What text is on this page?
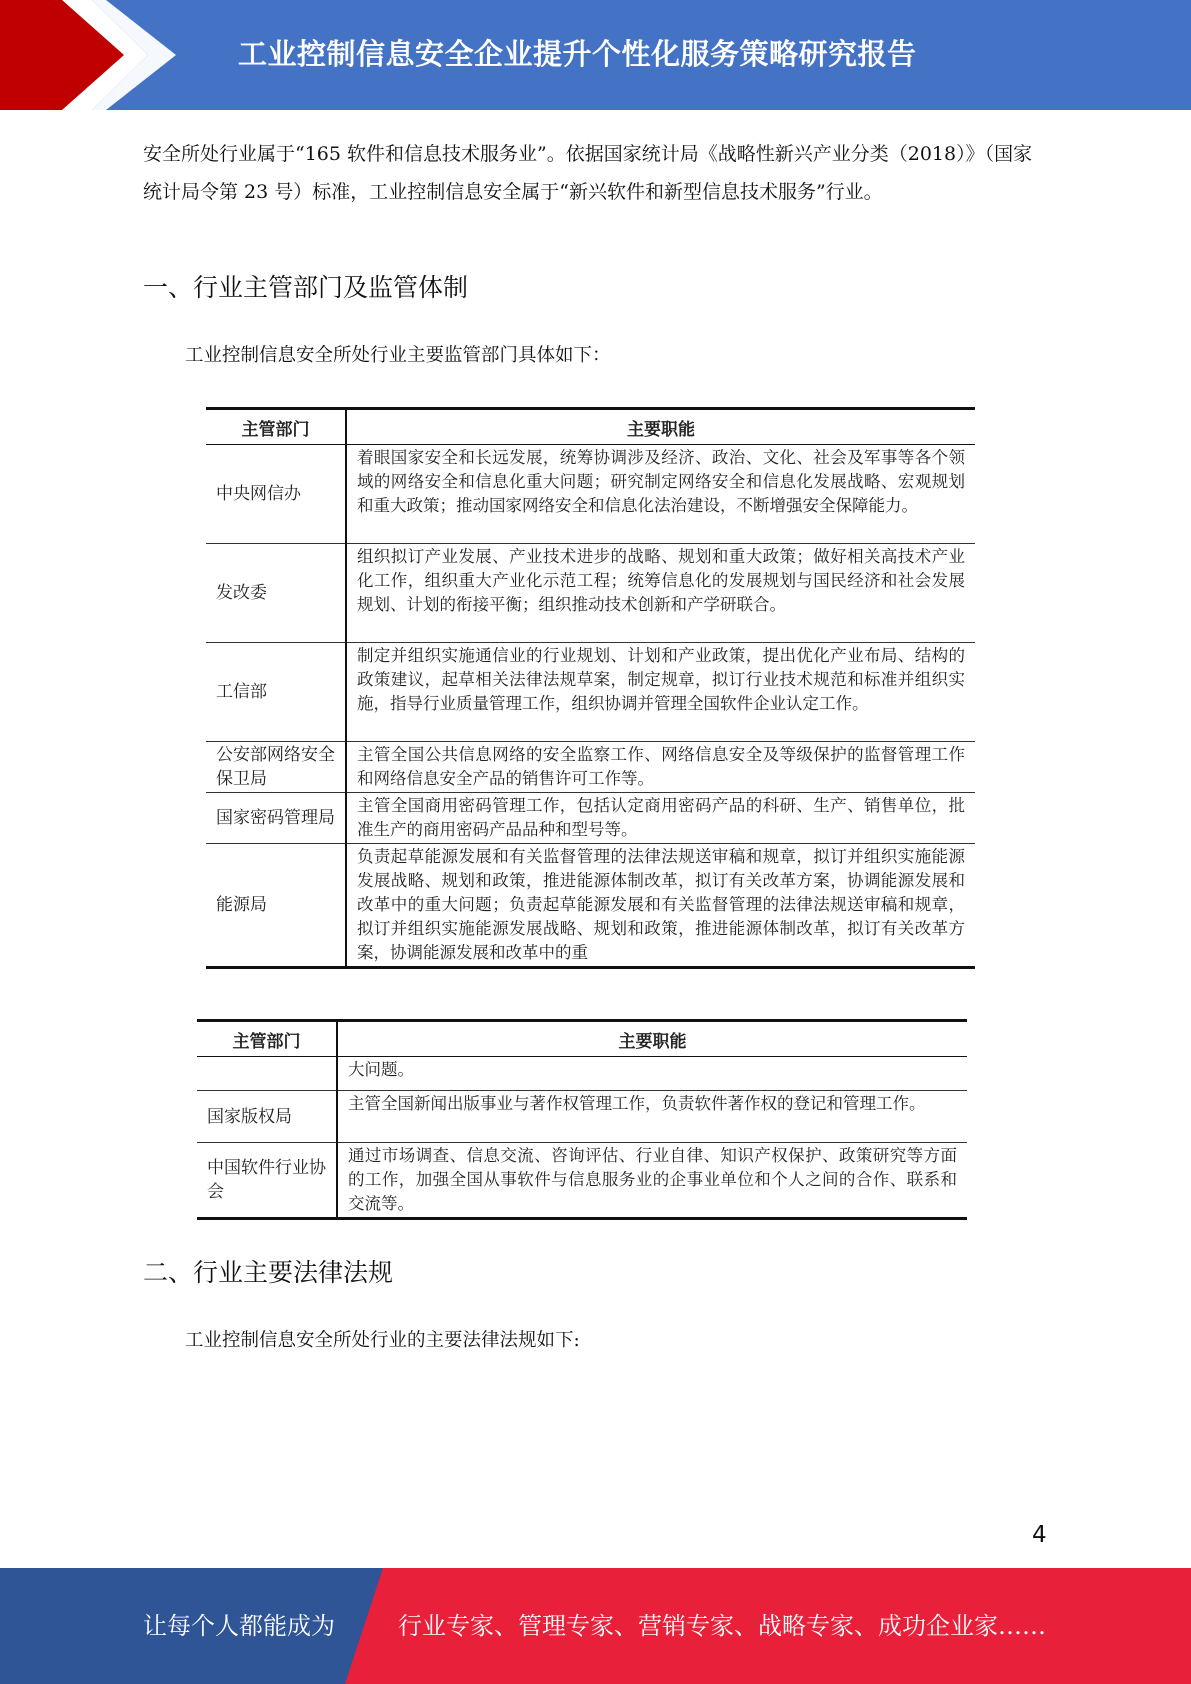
工业控制信息安全企业提升个性化服务策略研究报告

安全所处行业属于“165 软件和信息技术服务业”。依据国家统计局《战略性新兴产业分类（2018）》（国家统计局令第 23 号）标准，工业控制信息安全属于“新兴软件和新型信息技术服务”行业。

一、行业主管部门及监管体制

工业控制信息安全所处行业主要监管部门具体如下：

主管部门	主要职能
中央网信办	着眼国家安全和长远发展，统筹协调涉及经济、政治、文化、社会及军事等各个领域的网络安全和信息化重大问题；研究制定网络安全和信息化发展战略、宏观规划和重大政策；推动国家网络安全和信息化法治建设，不断增强安全保障能力。
发改委	组织拟订产业发展、产业技术进步的战略、规划和重大政策；做好相关高技术产业化工作，组织重大产业化示范工程；统筹信息化的发展规划与国民经济和社会发展规划、计划的衔接平衡；组织推动技术创新和产学研联合。
工信部	制定并组织实施通信业的行业规划、计划和产业政策，提出优化产业布局、结构的政策建议，起草相关法律法规草案，制定规章，拟订行业技术规范和标准并组织实施，指导行业质量管理工作，组织协调并管理全国软件企业认定工作。
公安部网络安全保卫局	主管全国公共信息网络的安全监察工作、网络信息安全及等级保护的监督管理工作和网络信息安全产品的销售许可工作等。
国家密码管理局	主管全国商用密码管理工作，包括认定商用密码产品的科研、生产、销售单位，批准生产的商用密码产品品种和型号等。
能源局	负责起草能源发展和有关监督管理的法律法规送审稿和规章，拟订并组织实施能源发展战略、规划和政策，推进能源体制改革，拟订有关改革方案，协调能源发展和改革中的重大问题；负责起草能源发展和有关监督管理的法律法规送审稿和规章，拟订并组织实施能源发展战略、规划和政策，推进能源体制改革，拟订有关改革方案，协调能源发展和改革中的重
主管部门	主要职能
	大问题。
国家版权局	主管全国新闻出版事业与著作权管理工作，负责软件著作权的登记和管理工作。
中国软件行业协会	通过市场调查、信息交流、咨询评估、行业自律、知识产权保护、政策研究等方面的工作，加强全国从事软件与信息服务业的企事业单位和个人之间的合作、联系和交流等。
二、行业主要法律法规

工业控制信息安全所处行业的主要法律法规如下:

4
让每个人都能成为	行业专家、管理专家、营销专家、战略专家、成功企业家……
